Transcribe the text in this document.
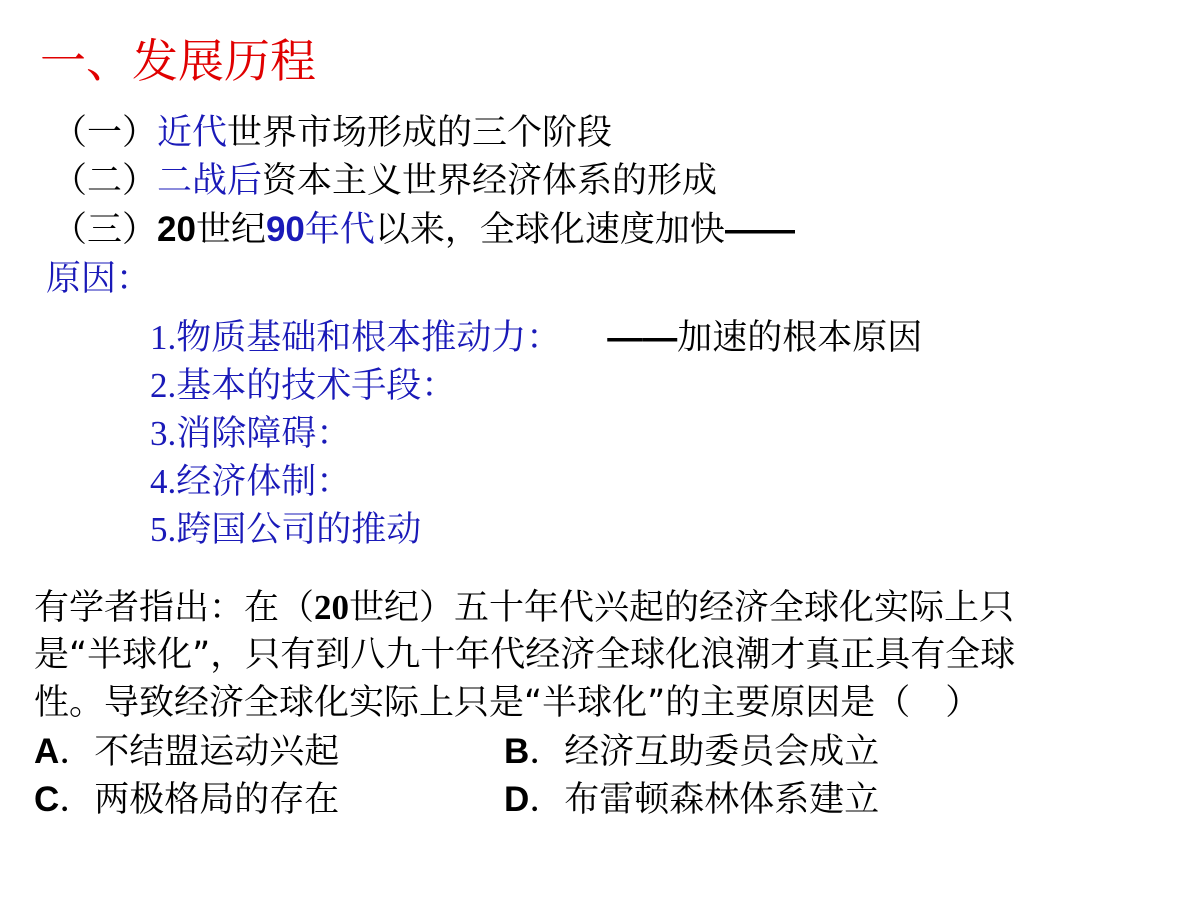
一、发展历程
（一）近代世界市场形成的三个阶段
（二）二战后资本主义世界经济体系的形成
（三）20世纪90年代以来，全球化速度加快——
原因：
1.物质基础和根本推动力： ——加速的根本原因
2.基本的技术手段：
3.消除障碍：
4.经济体制：
5.跨国公司的推动
有学者指出：在（20世纪）五十年代兴起的经济全球化实际上只
是“半球化”，只有到八九十年代经济全球化浪潮才真正具有全球
性。导致经济全球化实际上只是“半球化”的主要原因是（　）
A．不结盟运动兴起	B．经济互助委员会成立
C．两极格局的存在	D．布雷顿森林体系建立
